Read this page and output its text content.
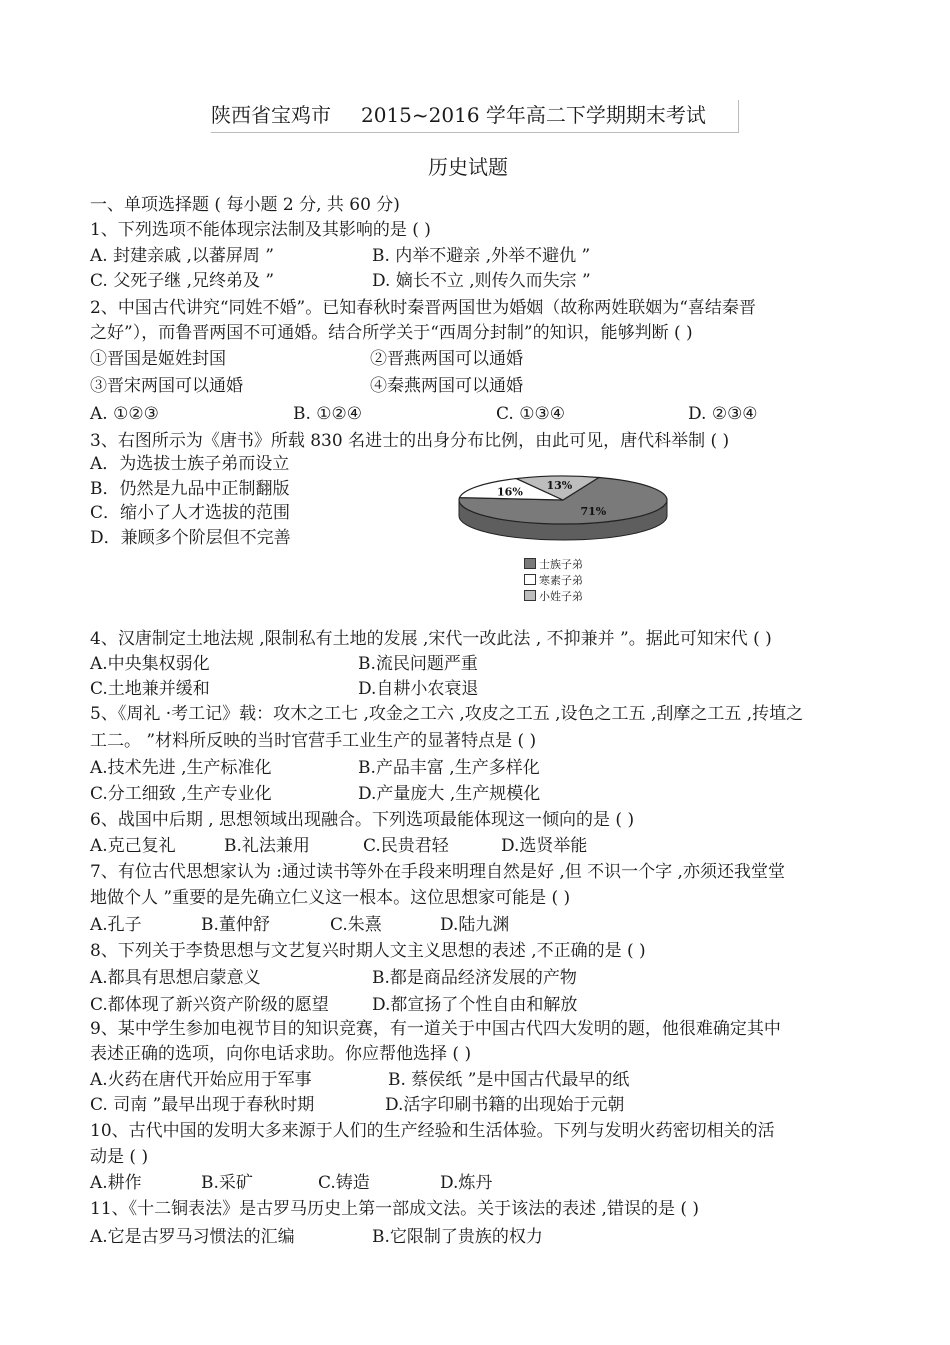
陕西省宝鸡市 2015~2016 学年高二下学期期末考试
历史试题
一、单项选择题 ( 每小题 2 分, 共 60 分)
1、下列选项不能体现宗法制及其影响的是 ( )
A. 封建亲戚 ,以蕃屏周 ”	B. 内举不避亲 ,外举不避仇 ”
C. 父死子继 ,兄终弟及 ”	D. 嫡长不立 ,则传久而失宗 ”
2、中国古代讲究“同姓不婚”。已知春秋时秦晋两国世为婚姻（故称两姓联姻为“喜结秦晋
之好”），而鲁晋两国不可通婚。结合所学关于“西周分封制”的知识，能够判断 ( )
①晋国是姬姓封国	②晋燕两国可以通婚
③晋宋两国可以通婚	④秦燕两国可以通婚
A. ①②③	B. ①②④	C. ①③④	D. ②③④
3、右图所示为《唐书》所载 830 名进士的出身分布比例，由此可见，唐代科举制 ( )
A．为选拔士族子弟而设立
B．仍然是九品中正制翻版
C．缩小了人才选拔的范围
D．兼顾多个阶层但不完善
71%
16% 13%
士族子弟
寒素子弟
小姓子弟
4、汉唐制定土地法规 ,限制私有土地的发展 ,宋代一改此法 , 不抑兼并 ”。据此可知宋代 ( )
A.中央集权弱化	B.流民问题严重
C.土地兼并缓和	D.自耕小农衰退
5、《周礼 ·考工记》载：攻木之工七 ,攻金之工六 ,攻皮之工五 ,设色之工五 ,刮摩之工五 ,抟埴之
工二。 ”材料所反映的当时官营手工业生产的显著特点是 ( )
A.技术先进 ,生产标准化	B.产品丰富 ,生产多样化
C.分工细致 ,生产专业化	D.产量庞大 ,生产规模化
6、战国中后期 , 思想领域出现融合。下列选项最能体现这一倾向的是 ( )
A.克己复礼	B.礼法兼用	C.民贵君轻	D.选贤举能
7、有位古代思想家认为 :通过读书等外在手段来明理自然是好 ,但 不识一个字 ,亦须还我堂堂
地做个人 ”重要的是先确立仁义这一根本。这位思想家可能是 ( )
A.孔子	B.董仲舒	C.朱熹	D.陆九渊
8、下列关于李贽思想与文艺复兴时期人文主义思想的表述 ,不正确的是 ( )
A.都具有思想启蒙意义	B.都是商品经济发展的产物
C.都体现了新兴资产阶级的愿望	D.都宣扬了个性自由和解放
9、某中学生参加电视节目的知识竞赛，有一道关于中国古代四大发明的题，他很难确定其中
表述正确的选项，向你电话求助。你应帮他选择 ( )
A.火药在唐代开始应用于军事	B. 蔡侯纸 ”是中国古代最早的纸
C. 司南 ”最早出现于春秋时期	D.活字印刷书籍的出现始于元朝
10、古代中国的发明大多来源于人们的生产经验和生活体验。下列与发明火药密切相关的活
动是 ( )
A.耕作	B.采矿	C.铸造	D.炼丹
11、《十二铜表法》是古罗马历史上第一部成文法。关于该法的表述 ,错误的是 ( )
A.它是古罗马习惯法的汇编	B.它限制了贵族的权力
